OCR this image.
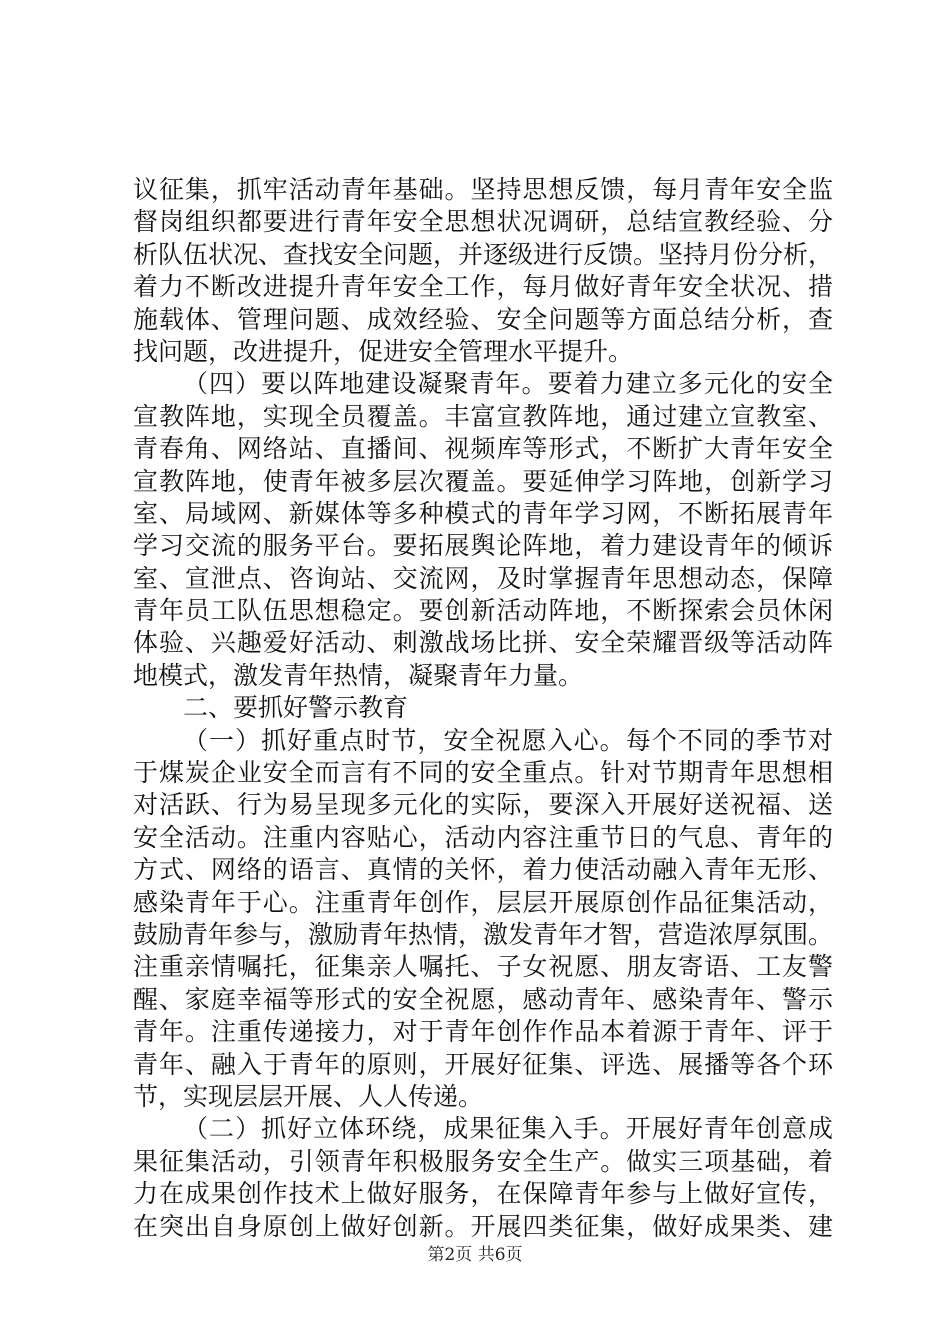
议征集，抓牢活动青年基础。坚持思想反馈，每月青年安全监
督岗组织都要进行青年安全思想状况调研，总结宣教经验、分
析队伍状况、查找安全问题，并逐级进行反馈。坚持月份分析，
着力不断改进提升青年安全工作，每月做好青年安全状况、措
施载体、管理问题、成效经验、安全问题等方面总结分析，查
找问题，改进提升，促进安全管理水平提升。
（四）要以阵地建设凝聚青年。要着力建立多元化的安全
宣教阵地，实现全员覆盖。丰富宣教阵地，通过建立宣教室、
青春角、网络站、直播间、视频库等形式，不断扩大青年安全
宣教阵地，使青年被多层次覆盖。要延伸学习阵地，创新学习
室、局域网、新媒体等多种模式的青年学习网，不断拓展青年
学习交流的服务平台。要拓展舆论阵地，着力建设青年的倾诉
室、宣泄点、咨询站、交流网，及时掌握青年思想动态，保障
青年员工队伍思想稳定。要创新活动阵地，不断探索会员休闲
体验、兴趣爱好活动、刺激战场比拼、安全荣耀晋级等活动阵
地模式，激发青年热情，凝聚青年力量。
二、要抓好警示教育
（一）抓好重点时节，安全祝愿入心。每个不同的季节对
于煤炭企业安全而言有不同的安全重点。针对节期青年思想相
对活跃、行为易呈现多元化的实际，要深入开展好送祝福、送
安全活动。注重内容贴心，活动内容注重节日的气息、青年的
方式、网络的语言、真情的关怀，着力使活动融入青年无形、
感染青年于心。注重青年创作，层层开展原创作品征集活动，
鼓励青年参与，激励青年热情，激发青年才智，营造浓厚氛围。
注重亲情嘱托，征集亲人嘱托、子女祝愿、朋友寄语、工友警
醒、家庭幸福等形式的安全祝愿，感动青年、感染青年、警示
青年。注重传递接力，对于青年创作作品本着源于青年、评于
青年、融入于青年的原则，开展好征集、评选、展播等各个环
节，实现层层开展、人人传递。
（二）抓好立体环绕，成果征集入手。开展好青年创意成
果征集活动，引领青年积极服务安全生产。做实三项基础，着
力在成果创作技术上做好服务，在保障青年参与上做好宣传，
在突出自身原创上做好创新。开展四类征集，做好成果类、建
第2页 共6页
